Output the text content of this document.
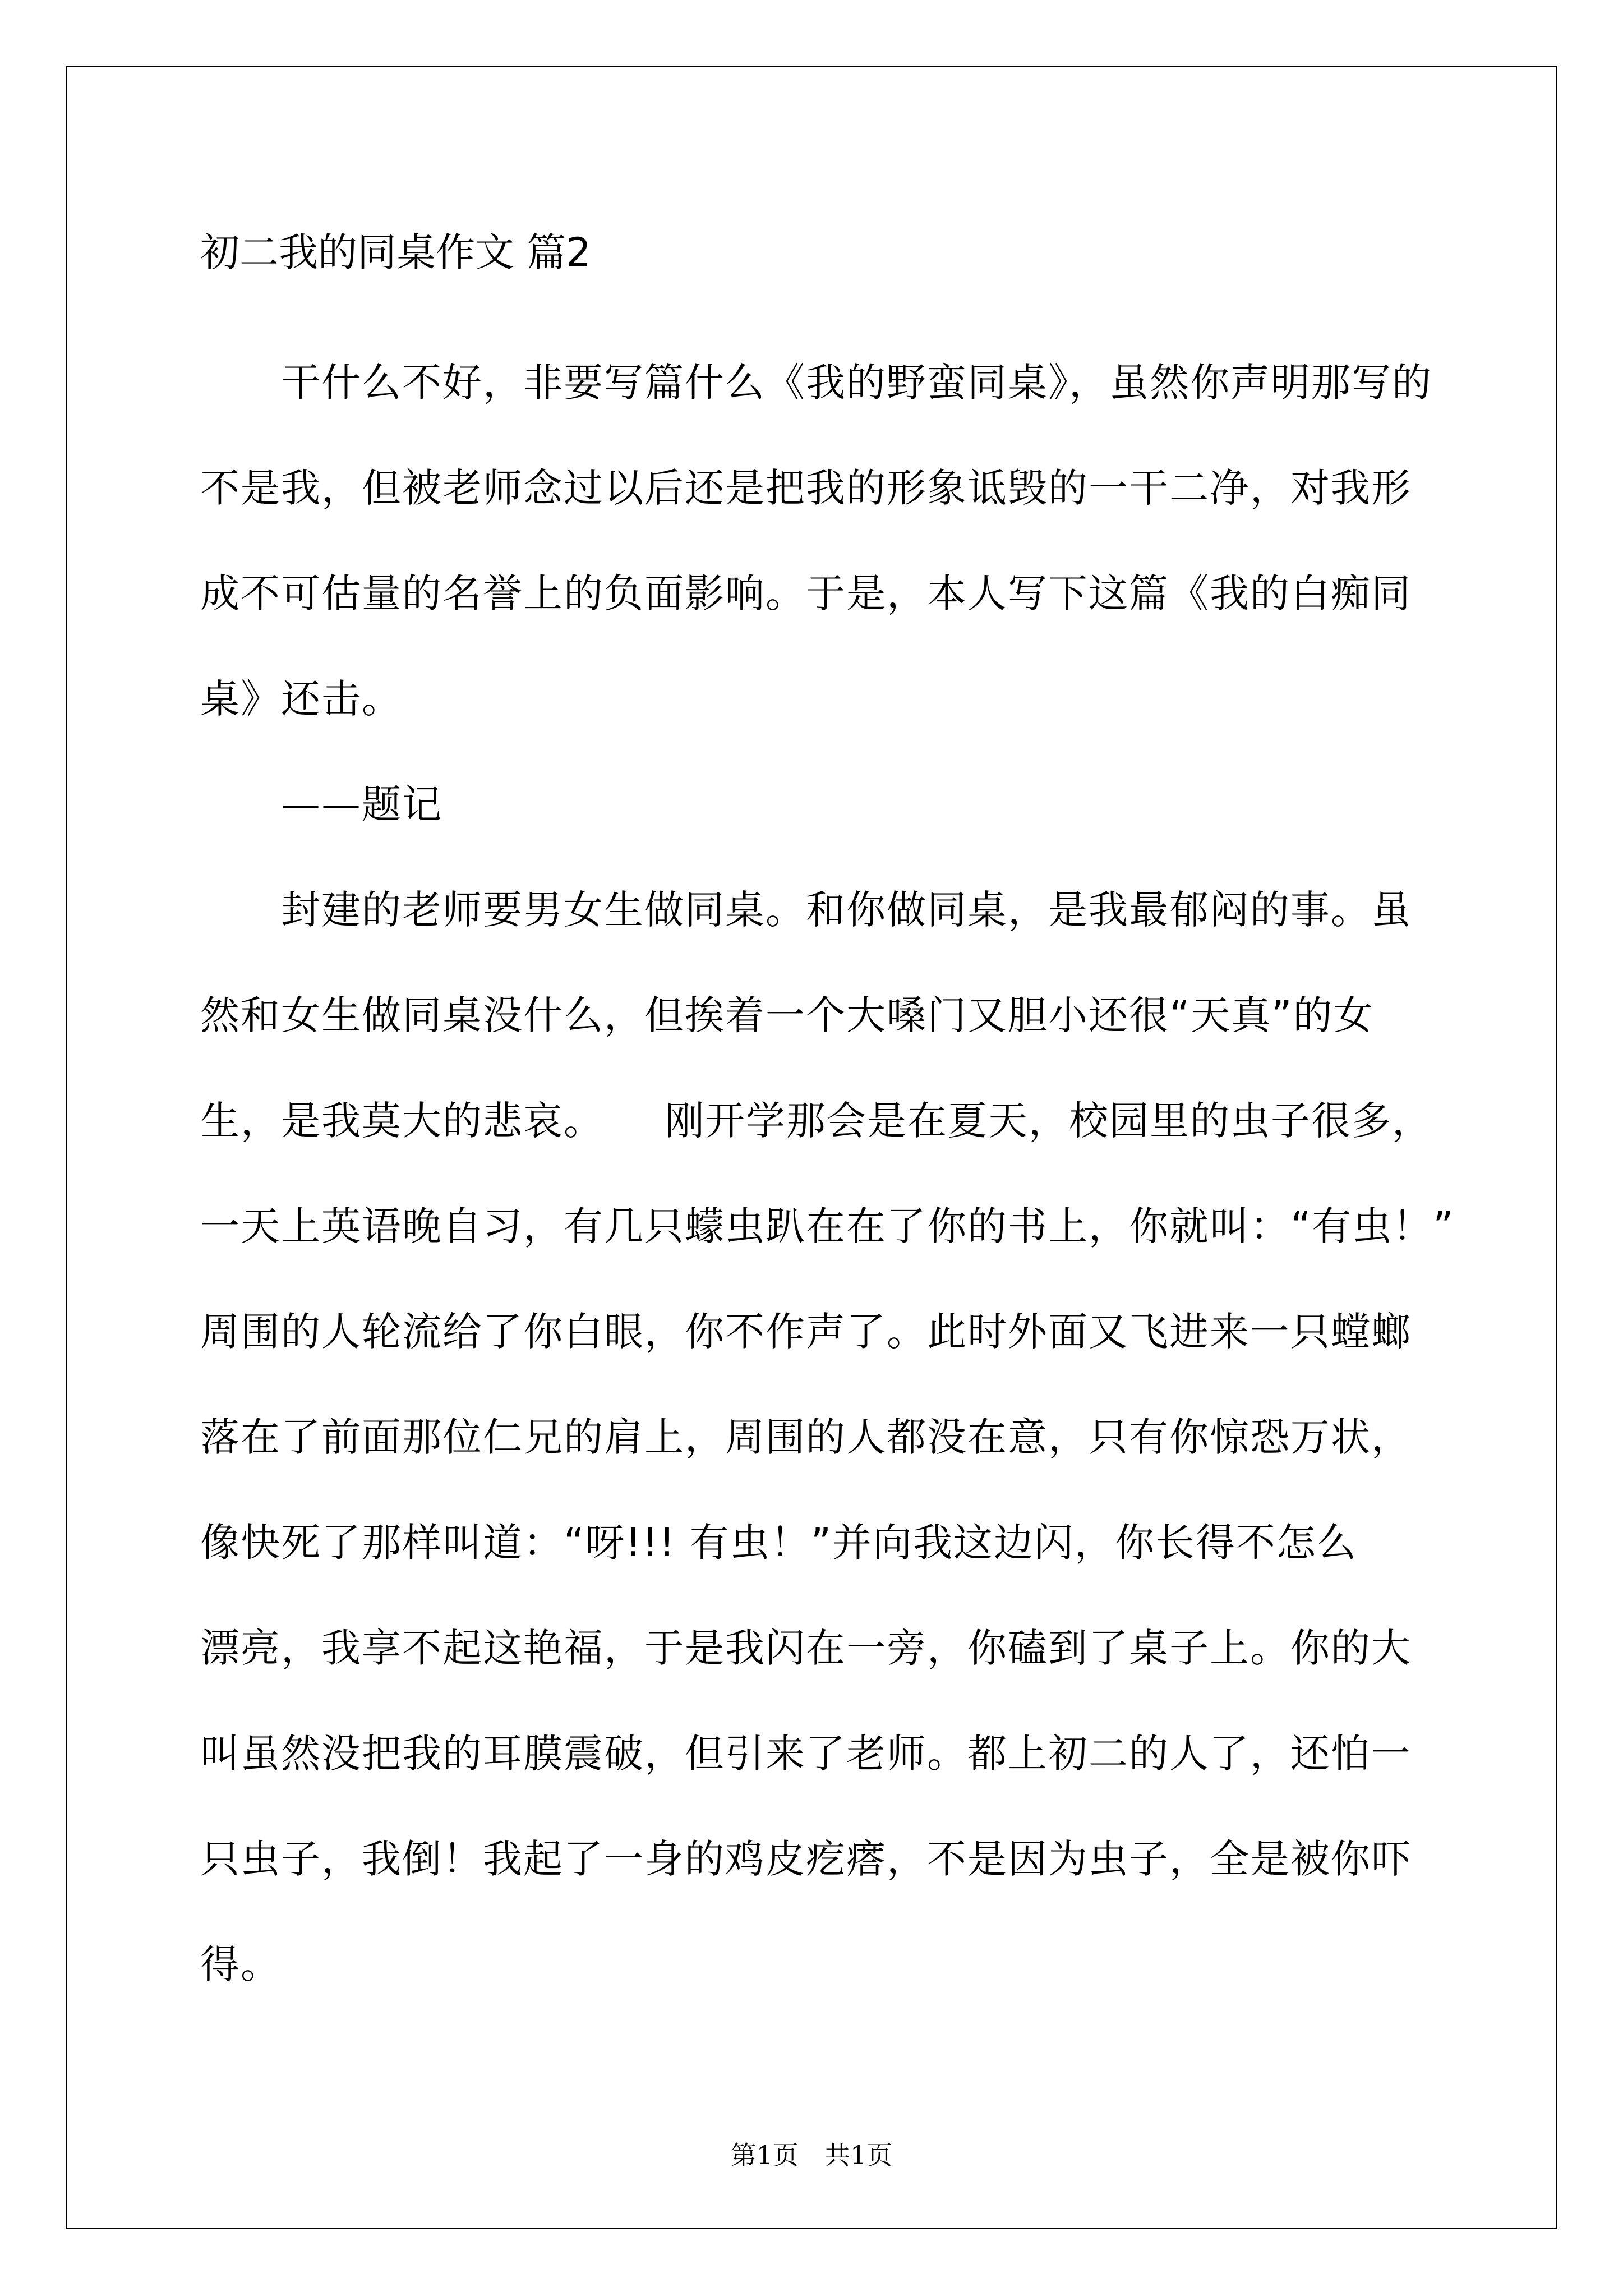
初二我的同桌作文 篇2

　　干什么不好，非要写篇什么《我的野蛮同桌》，虽然你声明那写的
不是我，但被老师念过以后还是把我的形象诋毁的一干二净，对我形
成不可估量的名誉上的负面影响。于是，本人写下这篇《我的白痴同
桌》还击。

　　——题记

　　封建的老师要男女生做同桌。和你做同桌，是我最郁闷的事。虽
然和女生做同桌没什么，但挨着一个大嗓门又胆小还很“天真”的女
生，是我莫大的悲哀。　　刚开学那会是在夏天，校园里的虫子很多，
一天上英语晚自习，有几只蠓虫趴在在了你的书上，你就叫：“有虫！”
周围的人轮流给了你白眼，你不作声了。此时外面又飞进来一只螳螂
落在了前面那位仁兄的肩上，周围的人都没在意，只有你惊恐万状，
像快死了那样叫道：“呀!!! 有虫！”并向我这边闪，你长得不怎么
漂亮，我享不起这艳福，于是我闪在一旁，你磕到了桌子上。你的大
叫虽然没把我的耳膜震破，但引来了老师。都上初二的人了，还怕一
只虫子，我倒！我起了一身的鸡皮疙瘩，不是因为虫子，全是被你吓
得。

第1页　共1页
